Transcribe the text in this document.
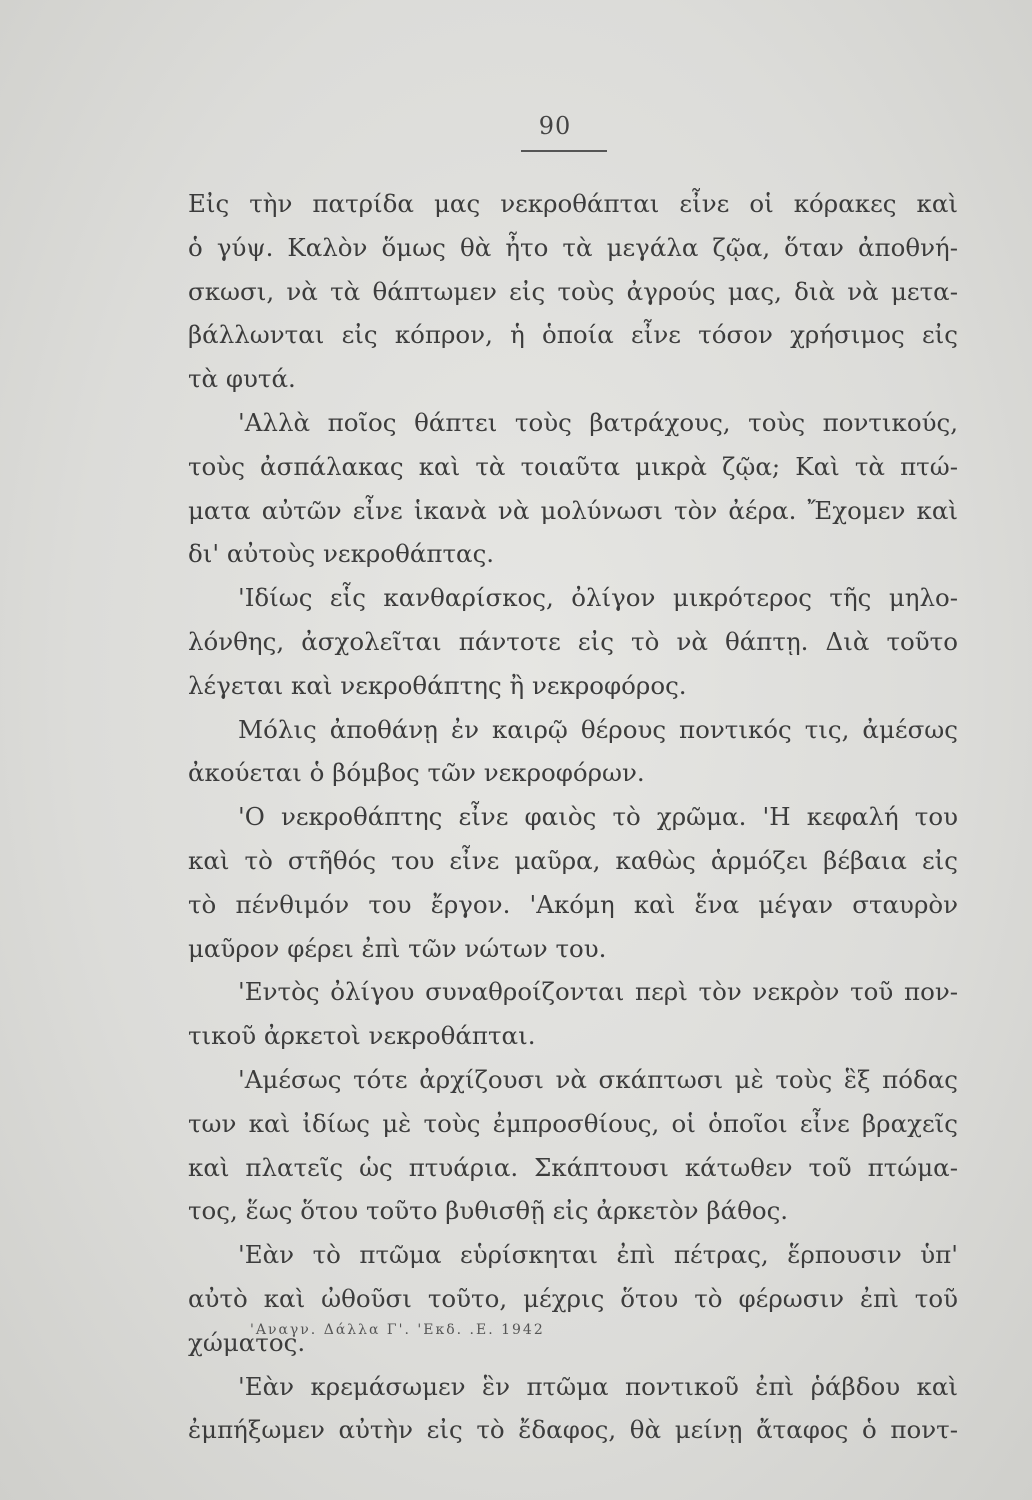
90
Εἰς τὴν πατρίδα μας νεκροθάπται εἶνε οἱ κόρακες καὶ
ὁ γύψ. Καλὸν ὅμως θὰ ἦτο τὰ μεγάλα ζῷα, ὅταν ἀποθνή-
σκωσι, νὰ τὰ θάπτωμεν εἰς τοὺς ἀγρούς μας, διὰ νὰ μετα-
βάλλωνται εἰς κόπρον, ἡ ὁποία εἶνε τόσον χρήσιμος εἰς
τὰ φυτά.
'Αλλὰ ποῖος θάπτει τοὺς βατράχους, τοὺς ποντικούς,
τοὺς ἀσπάλακας καὶ τὰ τοιαῦτα μικρὰ ζῷα; Καὶ τὰ πτώ-
ματα αὐτῶν εἶνε ἱκανὰ νὰ μολύνωσι τὸν ἀέρα. Ἔχομεν καὶ
δι' αὐτοὺς νεκροθάπτας.
'Ιδίως εἷς κανθαρίσκος, ὀλίγον μικρότερος τῆς μηλο-
λόνθης, ἀσχολεῖται πάντοτε εἰς τὸ νὰ θάπτῃ. Διὰ τοῦτο
λέγεται καὶ νεκροθάπτης ἢ νεκροφόρος.
Μόλις ἀποθάνῃ ἐν καιρῷ θέρους ποντικός τις, ἀμέσως
ἀκούεται ὁ βόμβος τῶν νεκροφόρων.
'Ο νεκροθάπτης εἶνε φαιὸς τὸ χρῶμα. 'Η κεφαλή του
καὶ τὸ στῆθός του εἶνε μαῦρα, καθὼς ἁρμόζει βέβαια εἰς
τὸ πένθιμόν του ἔργον. 'Ακόμη καὶ ἕνα μέγαν σταυρὸν
μαῦρον φέρει ἐπὶ τῶν νώτων του.
'Εντὸς ὀλίγου συναθροίζονται περὶ τὸν νεκρὸν τοῦ πον-
τικοῦ ἀρκετοὶ νεκροθάπται.
'Αμέσως τότε ἀρχίζουσι νὰ σκάπτωσι μὲ τοὺς ἓξ πόδας
των καὶ ἰδίως μὲ τοὺς ἐμπροσθίους, οἱ ὁποῖοι εἶνε βραχεῖς
καὶ πλατεῖς ὡς πτυάρια. Σκάπτουσι κάτωθεν τοῦ πτώμα-
τος, ἕως ὅτου τοῦτο βυθισθῇ εἰς ἀρκετὸν βάθος.
'Εὰν τὸ πτῶμα εὑρίσκηται ἐπὶ πέτρας, ἕρπουσιν ὑπ'
αὐτὸ καὶ ὠθοῦσι τοῦτο, μέχρις ὅτου τὸ φέρωσιν ἐπὶ τοῦ
χώματος.
'Εὰν κρεμάσωμεν ἓν πτῶμα ποντικοῦ ἐπὶ ῥάβδου καὶ
ἐμπήξωμεν αὐτὴν εἰς τὸ ἔδαφος, θὰ μείνῃ ἄταφος ὁ ποντ-
'Αναγν. Δάλλα Γ'. 'Εκδ. .Ε. 1942
